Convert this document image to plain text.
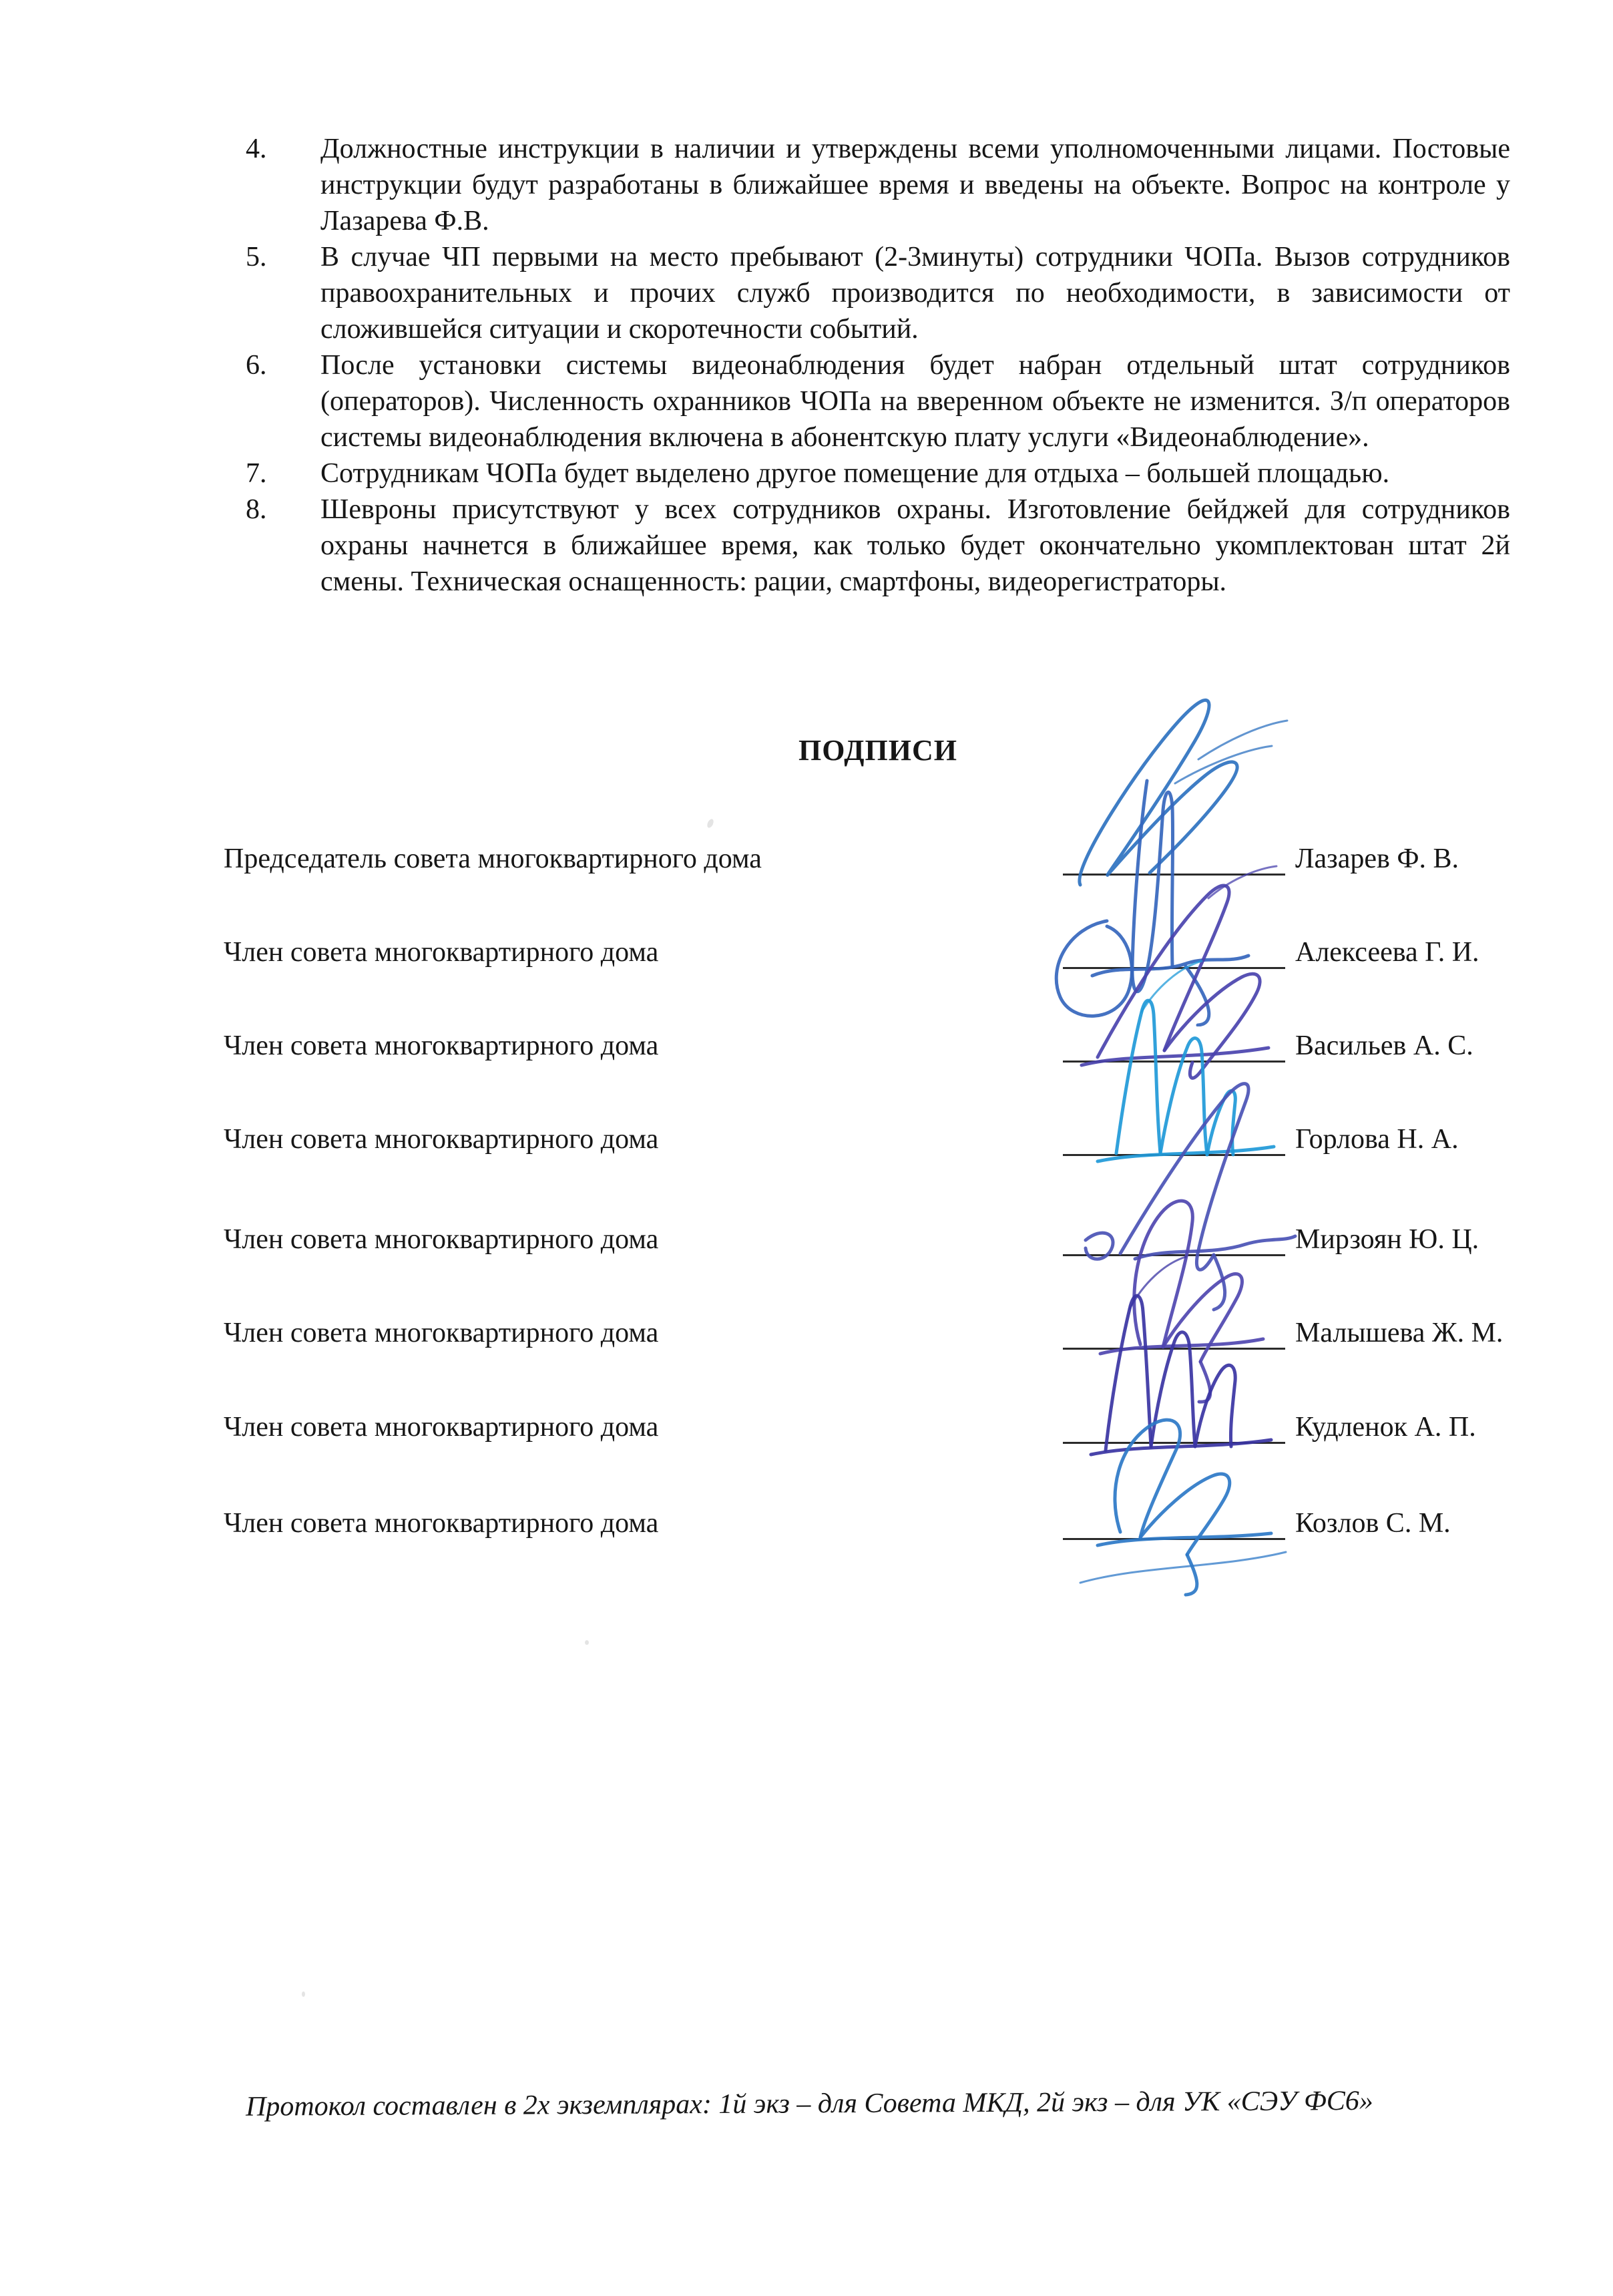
4.	Должностные инструкции в наличии и утверждены всеми уполномоченными лицами. Постовые инструкции будут разработаны в ближайшее время и введены на объекте. Вопрос на контроле у Лазарева Ф.В.
5.	В случае ЧП первыми на место пребывают (2-3минуты) сотрудники ЧОПа. Вызов сотрудников правоохранительных и прочих служб производится по необходимости, в зависимости от сложившейся ситуации и скоротечности событий.
6.	После установки системы видеонаблюдения будет набран отдельный штат сотрудников (операторов). Численность охранников ЧОПа на вверенном объекте не изменится. З/п операторов системы видеонаблюдения включена в абонентскую плату услуги «Видеонаблюдение».
7.	Сотрудникам ЧОПа будет выделено другое помещение для отдыха – большей площадью.
8.	Шевроны присутствуют у всех сотрудников охраны. Изготовление бейджей для сотрудников охраны начнется в ближайшее время, как только будет окончательно укомплектован штат 2й смены. Техническая оснащенность: рации, смартфоны, видеорегистраторы.
ПОДПИСИ
Председатель совета многоквартирного дома	Лазарев Ф. В.
Член совета многоквартирного дома	Алексеева Г. И.
Член совета многоквартирного дома	Васильев А. С.
Член совета многоквартирного дома	Горлова Н. А.
Член совета многоквартирного дома	Мирзоян Ю. Ц.
Член совета многоквартирного дома	Малышева Ж. М.
Член совета многоквартирного дома	Кудленок А. П.
Член совета многоквартирного дома	Козлов С. М.
Протокол составлен в 2х экземплярах: 1й экз – для Совета МКД, 2й экз – для УК «СЭУ ФС6»
